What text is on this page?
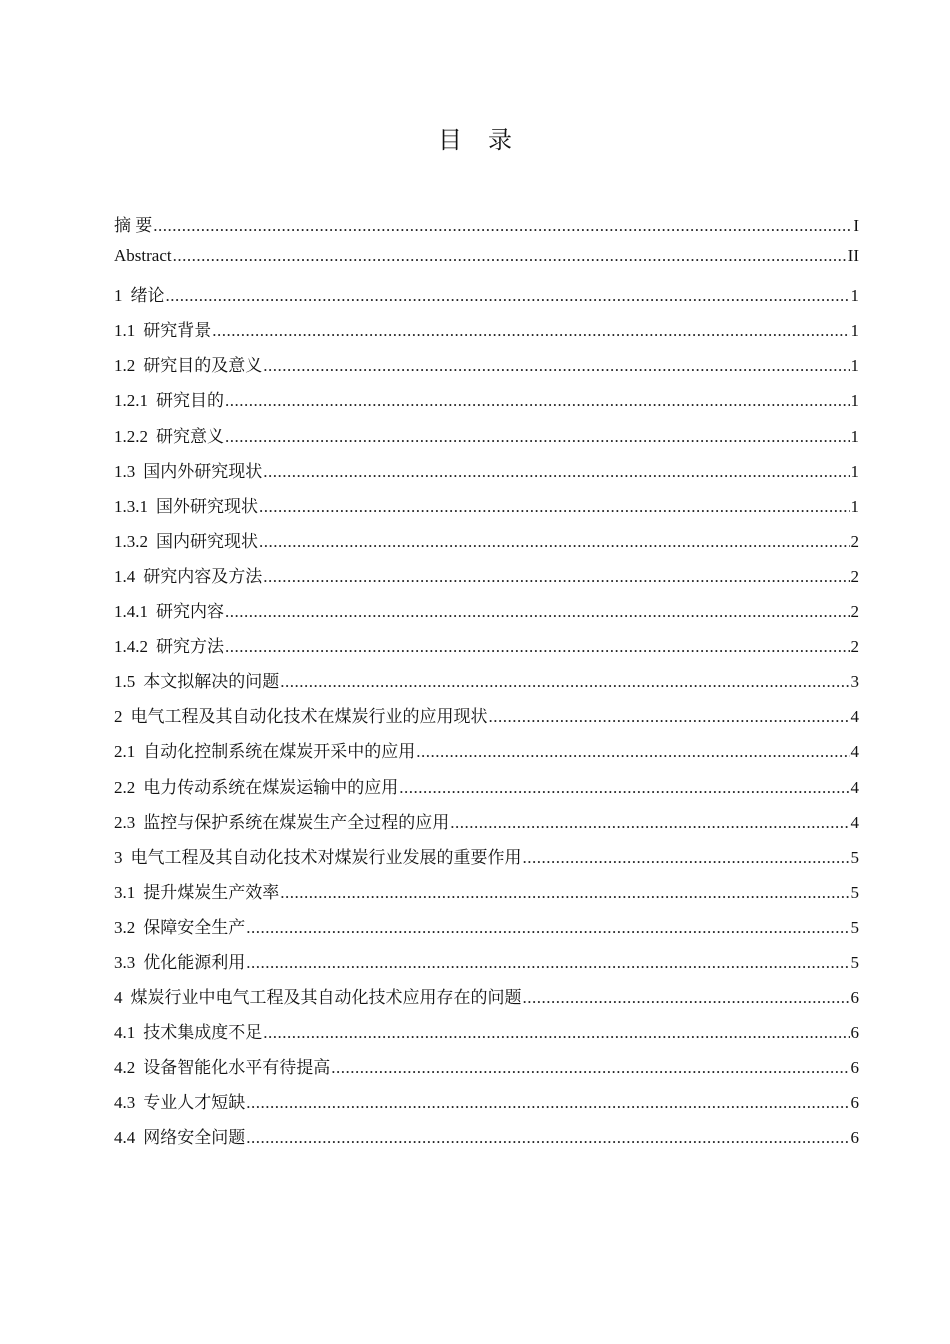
目 录
摘 要 .....	I
Abstract .....	II
1 绪论 .....	1
1.1 研究背景 .....	1
1.2 研究目的及意义 .....	1
1.2.1 研究目的 .....	1
1.2.2 研究意义 .....	1
1.3 国内外研究现状 .....	1
1.3.1 国外研究现状 .....	1
1.3.2 国内研究现状 .....	2
1.4 研究内容及方法 .....	2
1.4.1 研究内容 .....	2
1.4.2 研究方法 .....	2
1.5 本文拟解决的问题 .....	3
2 电气工程及其自动化技术在煤炭行业的应用现状 .....	4
2.1 自动化控制系统在煤炭开采中的应用 .....	4
2.2 电力传动系统在煤炭运输中的应用 .....	4
2.3 监控与保护系统在煤炭生产全过程的应用 .....	4
3 电气工程及其自动化技术对煤炭行业发展的重要作用 .....	5
3.1 提升煤炭生产效率 .....	5
3.2 保障安全生产 .....	5
3.3 优化能源利用 .....	5
4 煤炭行业中电气工程及其自动化技术应用存在的问题 .....	6
4.1 技术集成度不足 .....	6
4.2 设备智能化水平有待提高 .....	6
4.3 专业人才短缺 .....	6
4.4 网络安全问题 .....	6
